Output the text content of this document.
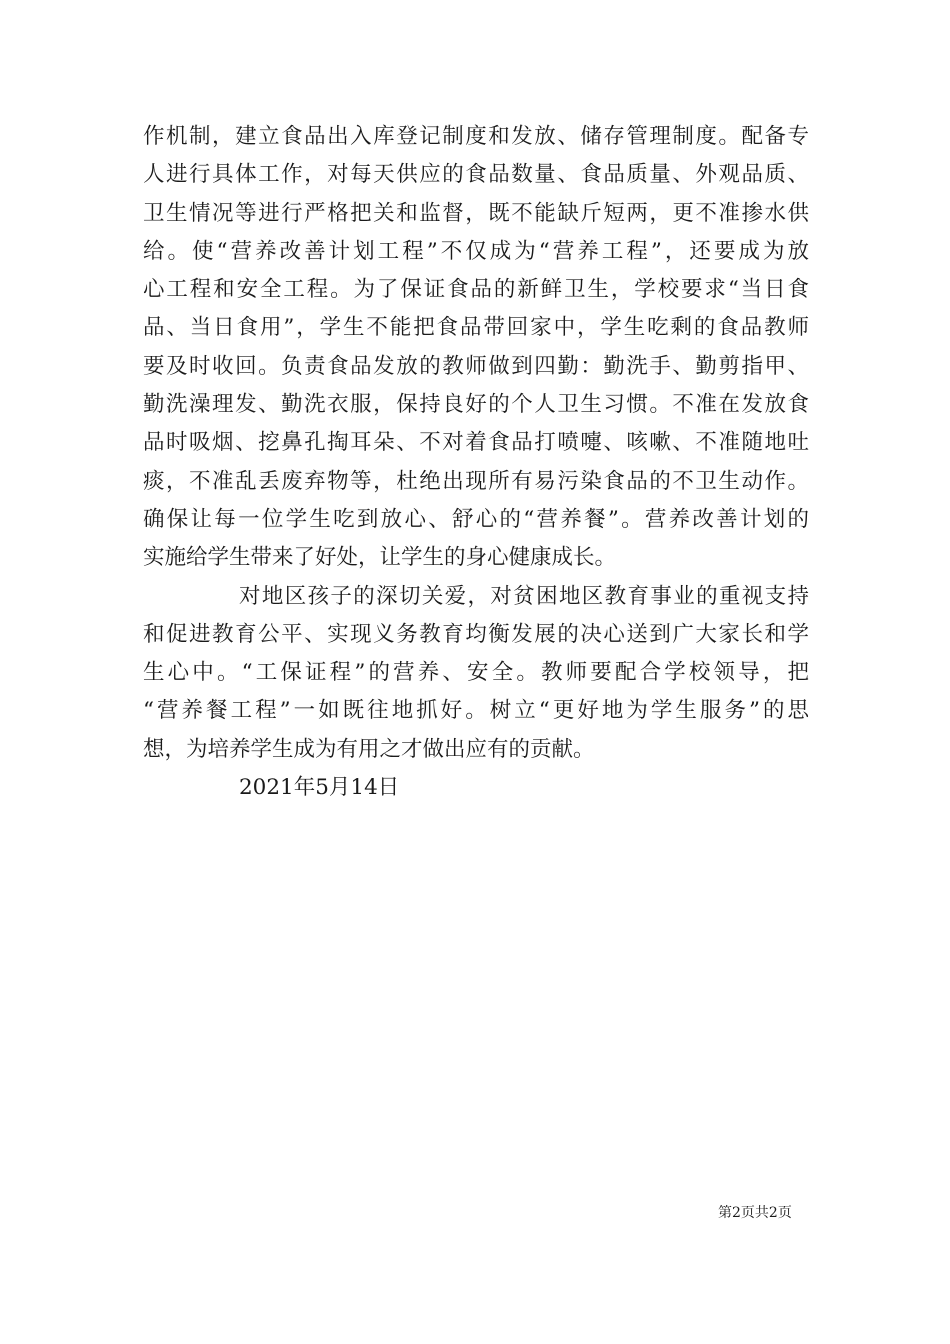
作机制，建立食品出入库登记制度和发放、储存管理制度。配备专
人进行具体工作，对每天供应的食品数量、食品质量、外观品质、
卫生情况等进行严格把关和监督，既不能缺斤短两，更不准掺水供
给。使“营养改善计划工程”不仅成为“营养工程”，还要成为放
心工程和安全工程。为了保证食品的新鲜卫生，学校要求“当日食
品、当日食用”，学生不能把食品带回家中，学生吃剩的食品教师
要及时收回。负责食品发放的教师做到四勤：勤洗手、勤剪指甲、
勤洗澡理发、勤洗衣服，保持良好的个人卫生习惯。不准在发放食
品时吸烟、挖鼻孔掏耳朵、不对着食品打喷嚏、咳嗽、不准随地吐
痰，不准乱丢废弃物等，杜绝出现所有易污染食品的不卫生动作。
确保让每一位学生吃到放心、舒心的“营养餐”。营养改善计划的
实施给学生带来了好处，让学生的身心健康成长。
对地区孩子的深切关爱，对贫困地区教育事业的重视支持
和促进教育公平、实现义务教育均衡发展的决心送到广大家长和学
生心中。“工保证程”的营养、安全。教师要配合学校领导，把
“营养餐工程”一如既往地抓好。树立“更好地为学生服务”的思
想，为培养学生成为有用之才做出应有的贡献。
2021年5月14日
第2页共2页
